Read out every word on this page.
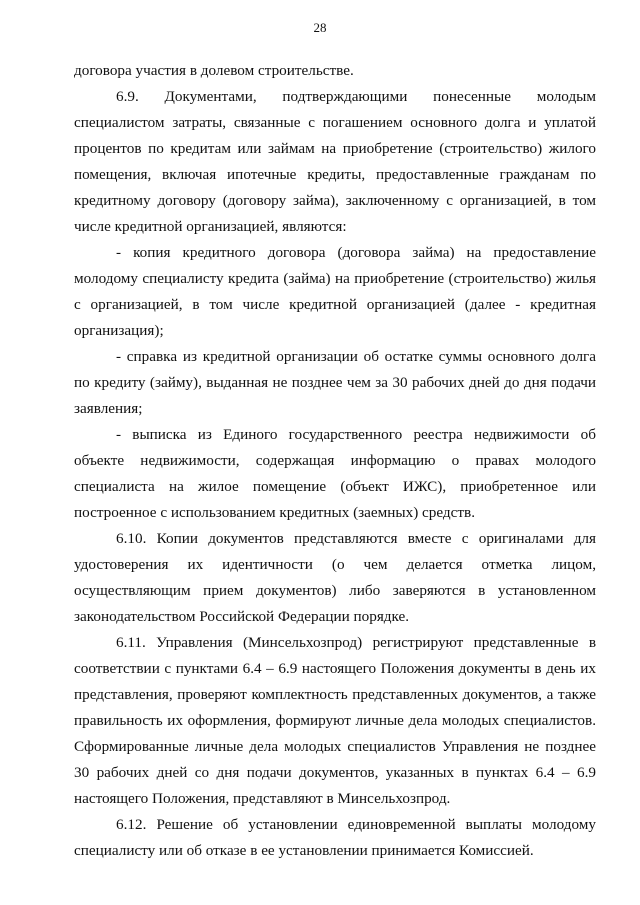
28

договора участия в долевом строительстве.

6.9. Документами, подтверждающими понесенные молодым специалистом затраты, связанные с погашением основного долга и уплатой процентов по кредитам или займам на приобретение (строительство) жилого помещения, включая ипотечные кредиты, предоставленные гражданам по кредитному договору (договору займа), заключенному с организацией, в том числе кредитной организацией, являются:

- копия кредитного договора (договора займа) на предоставление молодому специалисту кредита (займа) на приобретение (строительство) жилья с организацией, в том числе кредитной организацией (далее - кредитная организация);

- справка из кредитной организации об остатке суммы основного долга по кредиту (займу), выданная не позднее чем за 30 рабочих дней до дня подачи заявления;

- выписка из Единого государственного реестра недвижимости об объекте недвижимости, содержащая информацию о правах молодого специалиста на жилое помещение (объект ИЖС), приобретенное или построенное с использованием кредитных (заемных) средств.

6.10. Копии документов представляются вместе с оригиналами для удостоверения их идентичности (о чем делается отметка лицом, осуществляющим прием документов) либо заверяются в установленном законодательством Российской Федерации порядке.

6.11. Управления (Минсельхозпрод) регистрируют представленные в соответствии с пунктами 6.4 – 6.9 настоящего Положения документы в день их представления, проверяют комплектность представленных документов, а также правильность их оформления, формируют личные дела молодых специалистов. Сформированные личные дела молодых специалистов Управления не позднее 30 рабочих дней со дня подачи документов, указанных в пунктах 6.4 – 6.9 настоящего Положения, представляют в Минсельхозпрод.

6.12. Решение об установлении единовременной выплаты молодому специалисту или об отказе в ее установлении принимается Комиссией.
